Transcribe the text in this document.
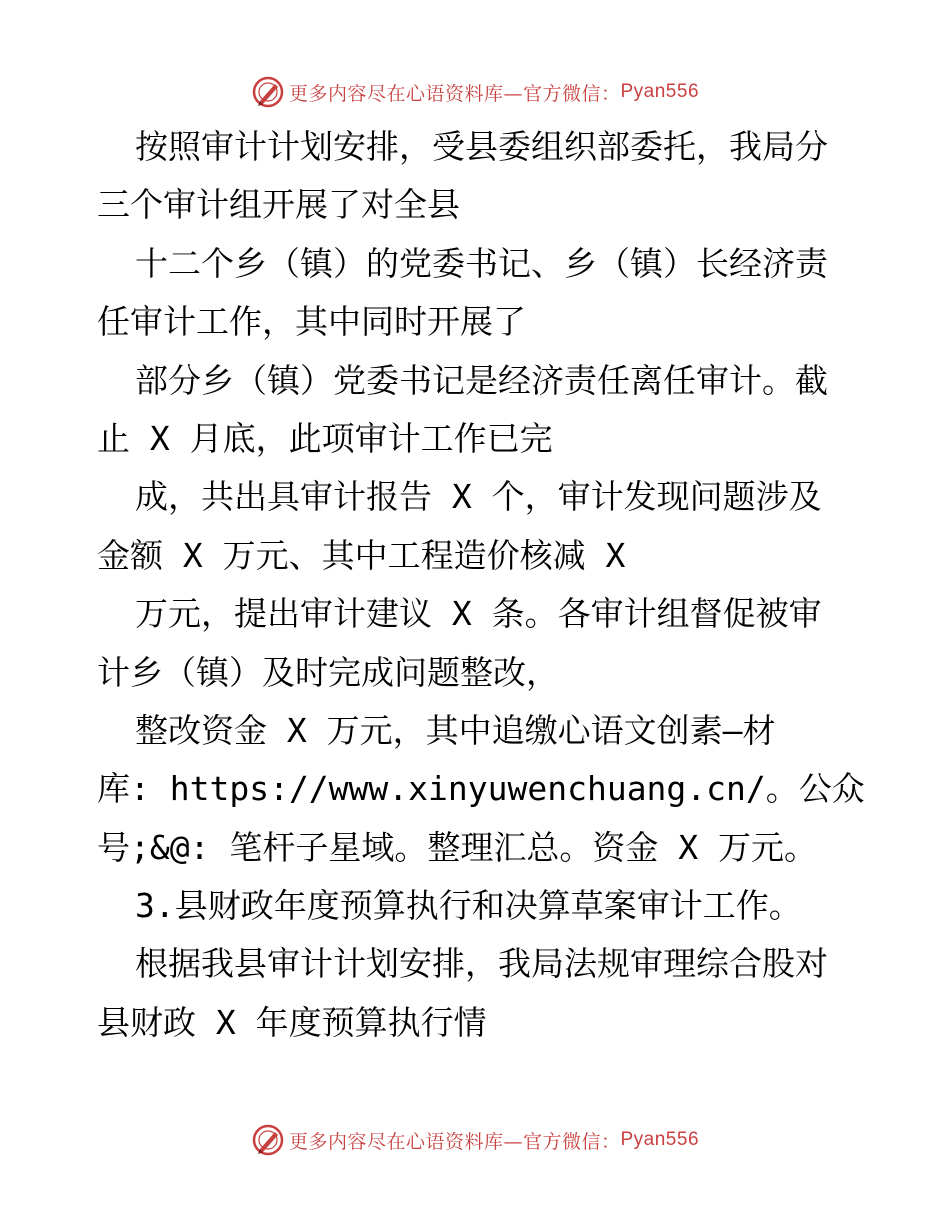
更多内容尽在心语资料库—官方微信： Pyan556
按照审计计划安排，受县委组织部委托，我局分
三个审计组开展了对全县
十二个乡（镇）的党委书记、乡（镇）长经济责
任审计工作，其中同时开展了
部分乡（镇）党委书记是经济责任离任审计。截
止 X 月底，此项审计工作已完
成，共出具审计报告 X 个，审计发现问题涉及
金额 X 万元、其中工程造价核减 X
万元，提出审计建议 X 条。各审计组督促被审
计乡（镇）及时完成问题整改，
整改资金 X 万元，其中追缴心语文创素—材
库: https://www.xinyuwenchuang.cn/。公众
号;&@: 笔杆子星域。整理汇总。资金 X 万元。
3.县财政年度预算执行和决算草案审计工作。
根据我县审计计划安排，我局法规审理综合股对
县财政 X 年度预算执行情
更多内容尽在心语资料库—官方微信： Pyan556
